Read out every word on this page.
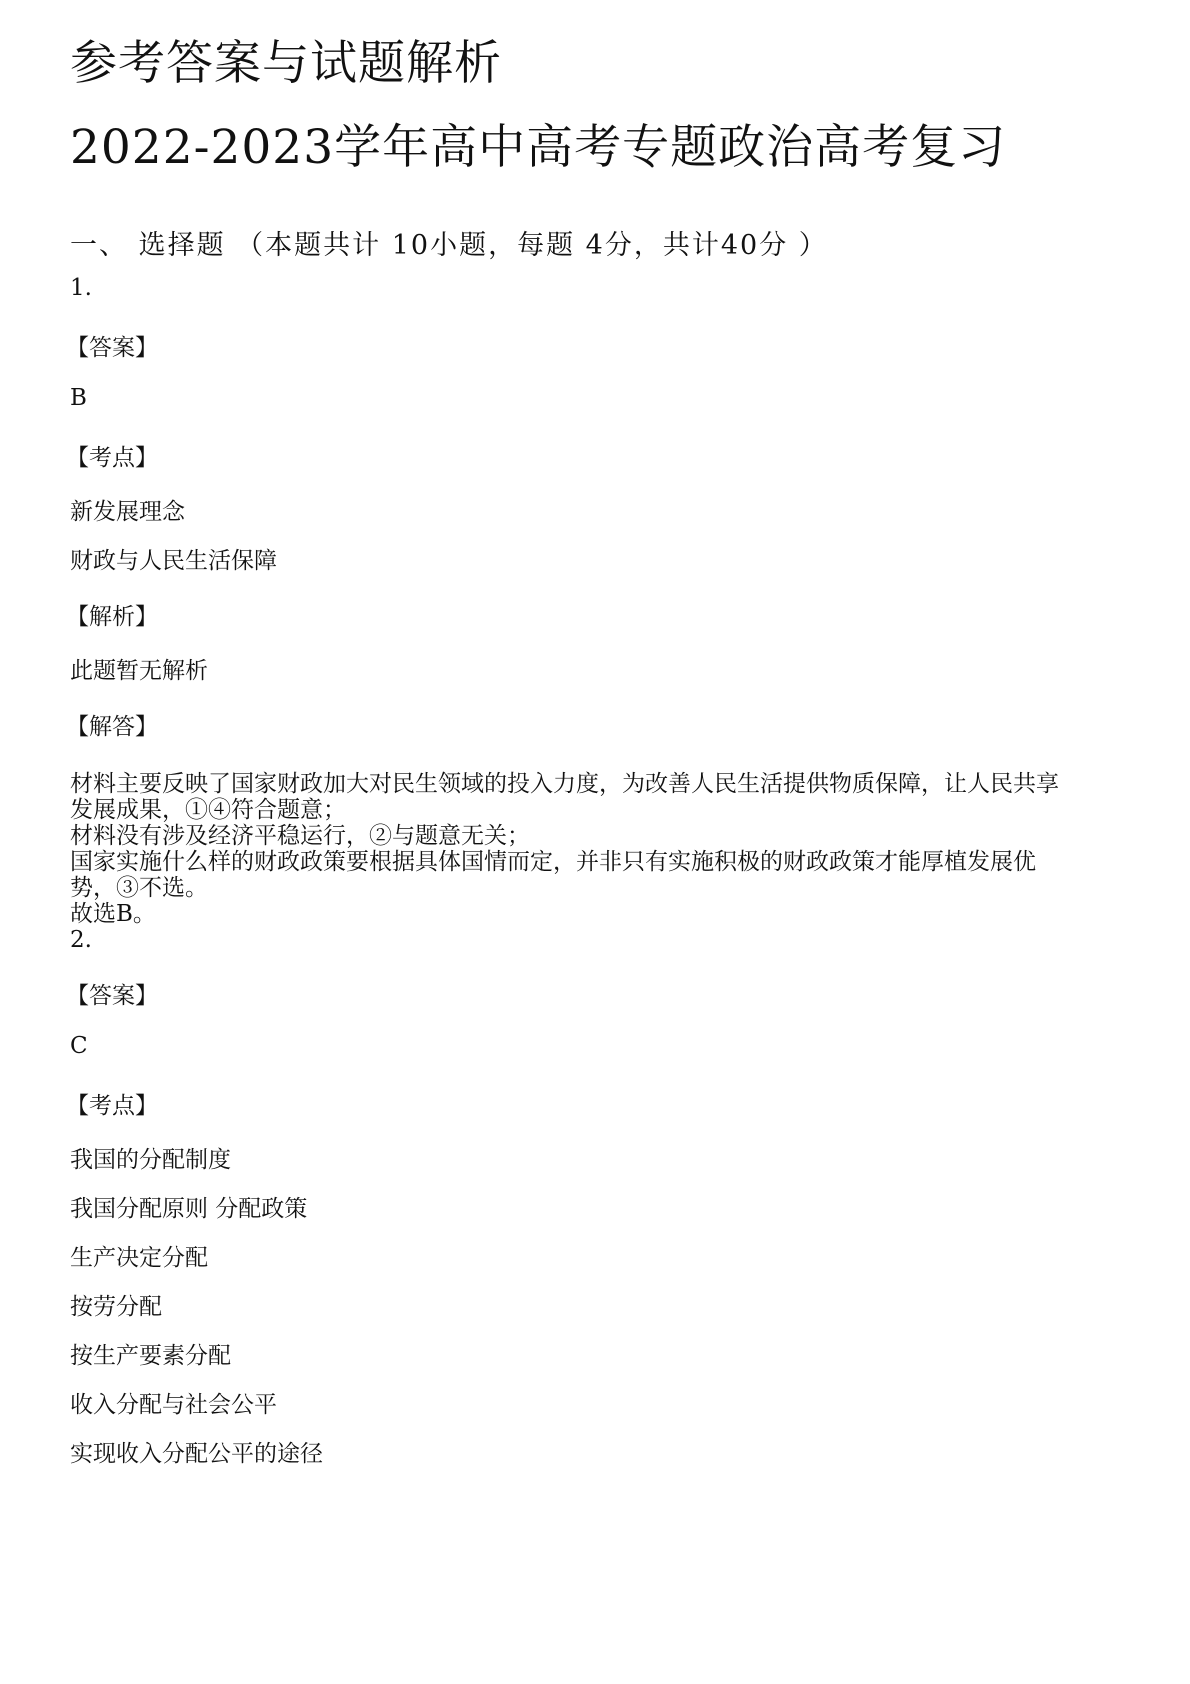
参考答案与试题解析
2022-2023学年高中高考专题政治高考复习
一、 选择题 （本题共计 10小题，每题 4分，共计40分 ）
1.
【答案】
B
【考点】
新发展理念
财政与人民生活保障
【解析】
此题暂无解析
【解答】
材料主要反映了国家财政加大对民生领域的投入力度，为改善人民生活提供物质保障，让人民共享
发展成果，①④符合题意；
材料没有涉及经济平稳运行，②与题意无关；
国家实施什么样的财政政策要根据具体国情而定，并非只有实施积极的财政政策才能厚植发展优
势，③不选。
故选B。
2.
【答案】
C
【考点】
我国的分配制度
我国分配原则 分配政策
生产决定分配
按劳分配
按生产要素分配
收入分配与社会公平
实现收入分配公平的途径
